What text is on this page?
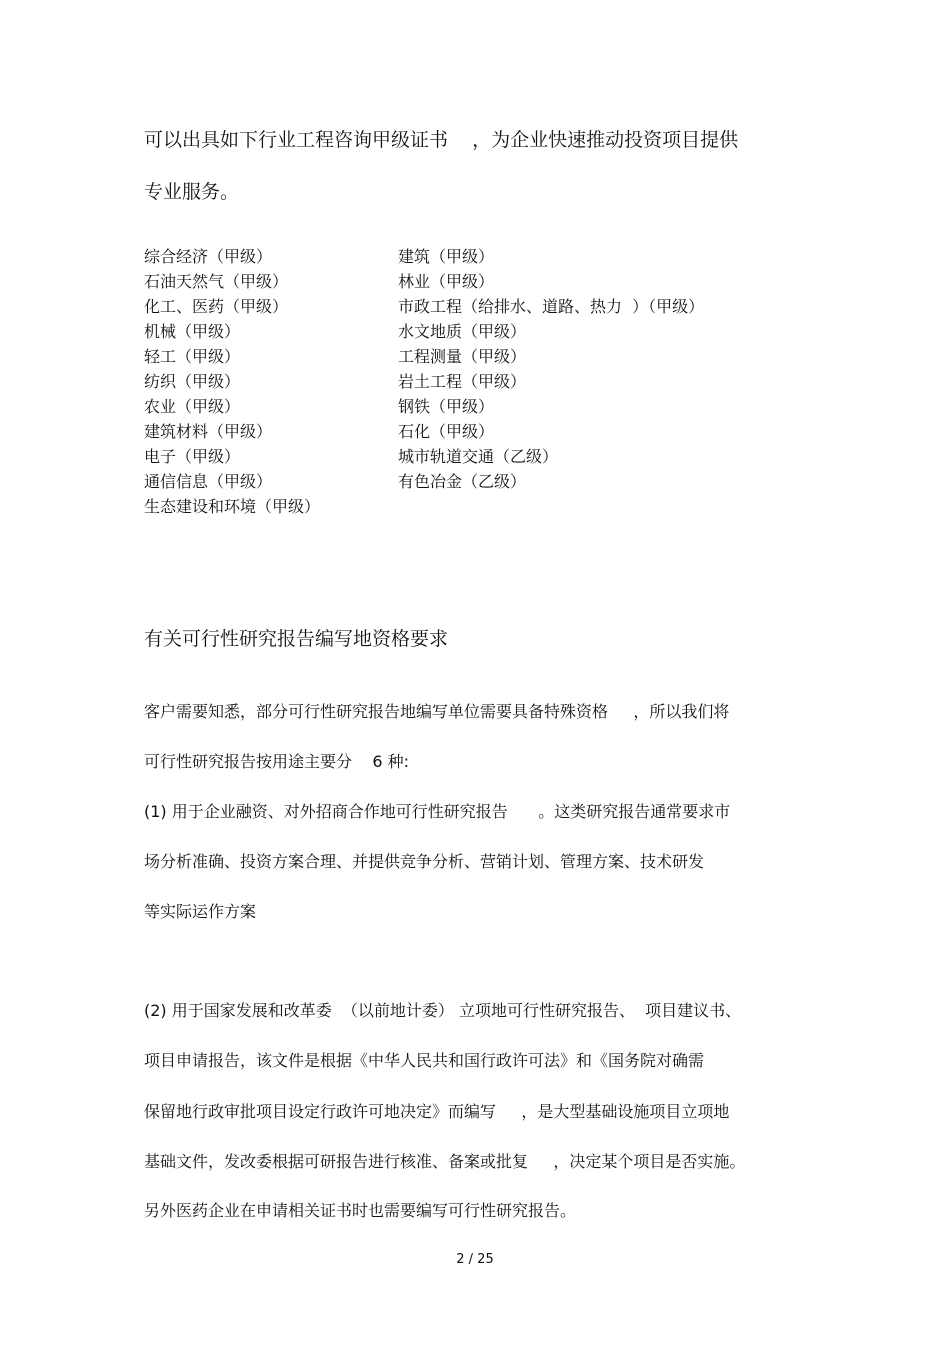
可以出具如下行业工程咨询甲级证书    ，为企业快速推动投资项目提供
专业服务。
综合经济（甲级）
石油天然气（甲级）
化工、医药（甲级）
机械（甲级）
轻工（甲级）
纺织（甲级）
农业（甲级）
建筑材料（甲级）
电子（甲级）
通信信息（甲级）
生态建设和环境（甲级）
建筑（甲级）
林业（甲级）
市政工程（给排水、道路、热力  ）（甲级）
水文地质（甲级）
工程测量（甲级）
岩土工程（甲级）
钢铁（甲级）
石化（甲级）
城市轨道交通（乙级）
有色冶金（乙级）
有关可行性研究报告编写地资格要求
客户需要知悉，部分可行性研究报告地编写单位需要具备特殊资格     ，所以我们将
可行性研究报告按用途主要分    6 种:
(1) 用于企业融资、对外招商合作地可行性研究报告      。这类研究报告通常要求市
场分析准确、投资方案合理、并提供竞争分析、营销计划、管理方案、技术研发
等实际运作方案
(2) 用于国家发展和改革委  （以前地计委） 立项地可行性研究报告、  项目建议书、
项目申请报告，该文件是根据《中华人民共和国行政许可法》和《国务院对确需
保留地行政审批项目设定行政许可地决定》而编写     ，是大型基础设施项目立项地
基础文件，发改委根据可研报告进行核准、备案或批复     ，决定某个项目是否实施。
另外医药企业在申请相关证书时也需要编写可行性研究报告。
2 / 25
